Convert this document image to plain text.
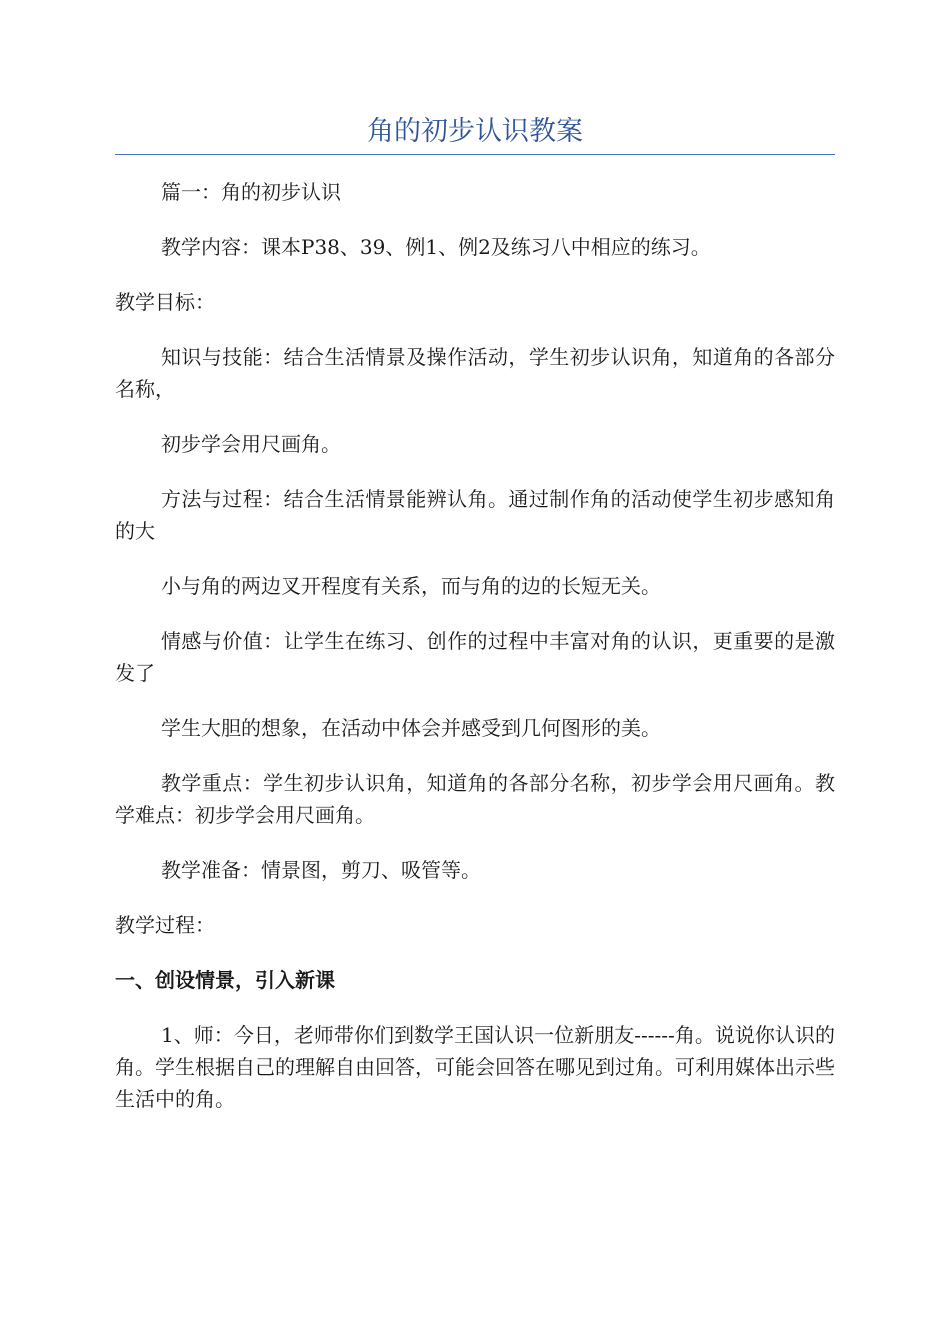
角的初步认识教案

篇一：角的初步认识

教学内容：课本P38、39、例1、例2及练习八中相应的练习。

教学目标：

知识与技能：结合生活情景及操作活动，学生初步认识角，知道角的各部分名称，

初步学会用尺画角。

方法与过程：结合生活情景能辨认角。通过制作角的活动使学生初步感知角的大

小与角的两边叉开程度有关系，而与角的边的长短无关。

情感与价值：让学生在练习、创作的过程中丰富对角的认识，更重要的是激发了

学生大胆的想象，在活动中体会并感受到几何图形的美。

教学重点：学生初步认识角，知道角的各部分名称，初步学会用尺画角。教学难点：初步学会用尺画角。

教学准备：情景图，剪刀、吸管等。

教学过程：

一、创设情景，引入新课

1、师：今日，老师带你们到数学王国认识一位新朋友------角。说说你认识的角。学生根据自己的理解自由回答，可能会回答在哪见到过角。可利用媒体出示些生活中的角。
